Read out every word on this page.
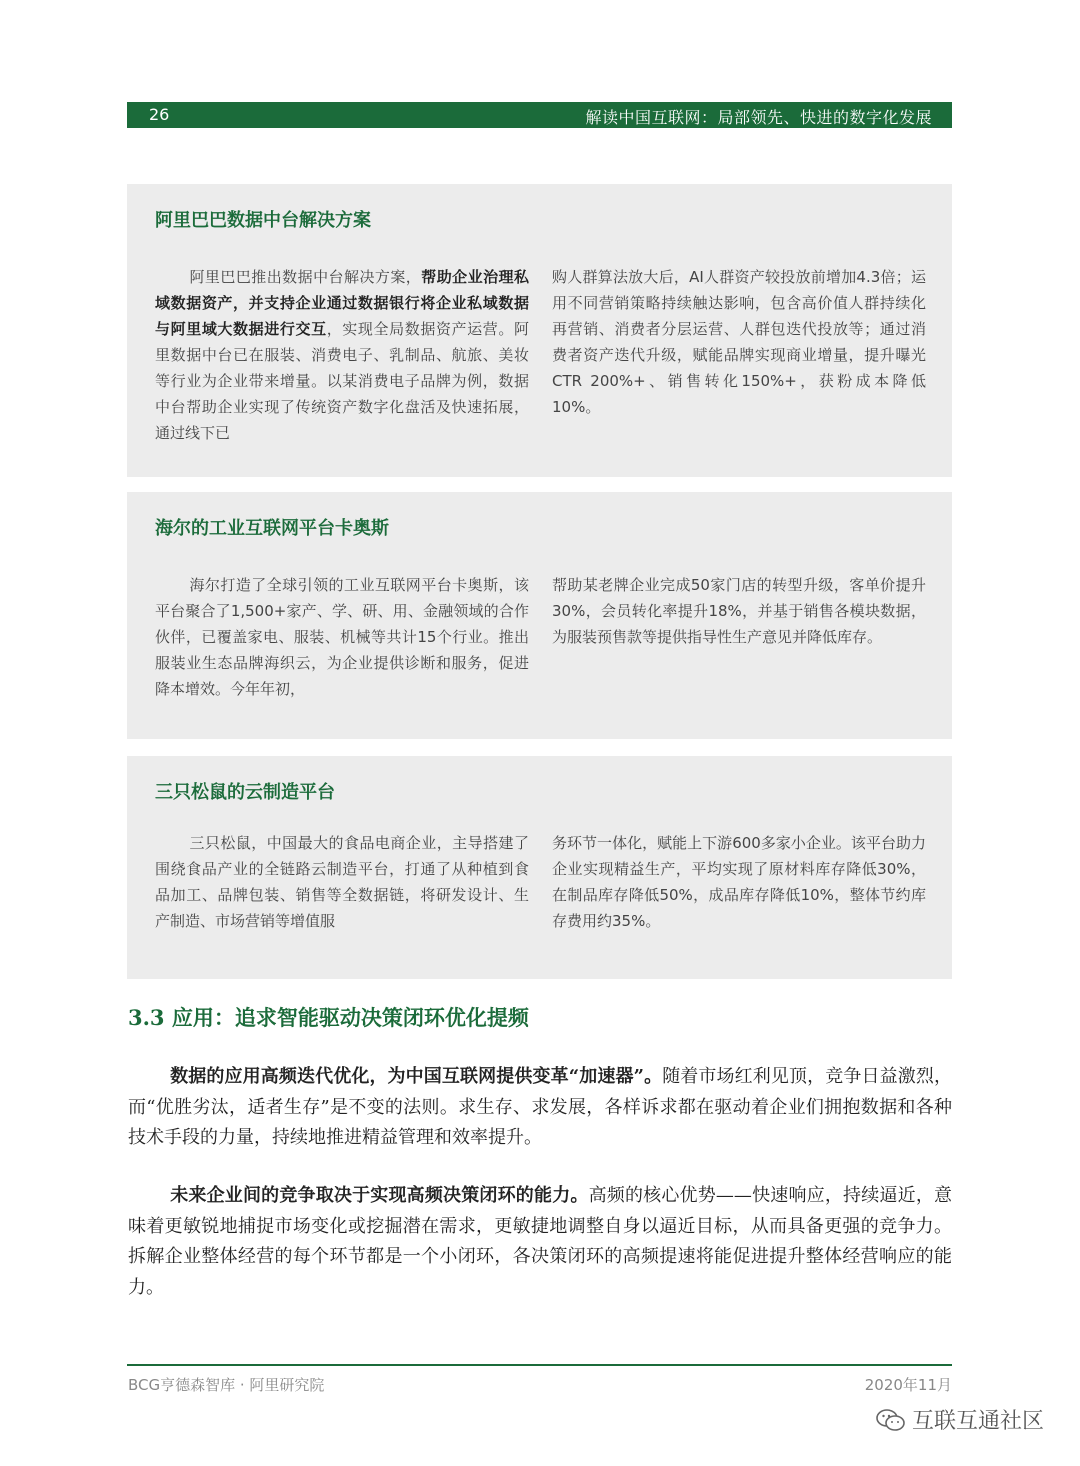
26	解读中国互联网：局部领先、快进的数字化发展
阿里巴巴数据中台解决方案
阿里巴巴推出数据中台解决方案，帮助企业治理私域数据资产，并支持企业通过数据银行将企业私域数据与阿里域大数据进行交互，实现全局数据资产运营。阿里数据中台已在服装、消费电子、乳制品、航旅、美妆等行业为企业带来增量。以某消费电子品牌为例，数据中台帮助企业实现了传统资产数字化盘活及快速拓展，通过线下已
购人群算法放大后，AI人群资产较投放前增加4.3倍；运用不同营销策略持续触达影响，包含高价值人群持续化再营销、消费者分层运营、人群包迭代投放等；通过消费者资产迭代升级，赋能品牌实现商业增量，提升曝光CTR 200%+、销售转化150%+，获粉成本降低10%。
海尔的工业互联网平台卡奥斯
海尔打造了全球引领的工业互联网平台卡奥斯，该平台聚合了1,500+家产、学、研、用、金融领域的合作伙伴，已覆盖家电、服装、机械等共计15个行业。推出服装业生态品牌海织云，为企业提供诊断和服务，促进降本增效。今年年初，
帮助某老牌企业完成50家门店的转型升级，客单价提升30%，会员转化率提升18%，并基于销售各模块数据，为服装预售款等提供指导性生产意见并降低库存。
三只松鼠的云制造平台
三只松鼠，中国最大的食品电商企业，主导搭建了围绕食品产业的全链路云制造平台，打通了从种植到食品加工、品牌包装、销售等全数据链，将研发设计、生产制造、市场营销等增值服
务环节一体化，赋能上下游600多家小企业。该平台助力企业实现精益生产，平均实现了原材料库存降低30%，在制品库存降低50%，成品库存降低10%，整体节约库存费用约35%。
3.3 应用：追求智能驱动决策闭环优化提频
数据的应用高频迭代优化，为中国互联网提供变革“加速器”。随着市场红利见顶，竞争日益激烈，而“优胜劣汰，适者生存”是不变的法则。求生存、求发展，各样诉求都在驱动着企业们拥抱数据和各种技术手段的力量，持续地推进精益管理和效率提升。
未来企业间的竞争取决于实现高频决策闭环的能力。高频的核心优势——快速响应，持续逼近，意味着更敏锐地捕捉市场变化或挖掘潜在需求，更敏捷地调整自身以逼近目标，从而具备更强的竞争力。拆解企业整体经营的每个环节都是一个小闭环，各决策闭环的高频提速将能促进提升整体经营响应的能力。
BCG亨德森智库 · 阿里研究院	2020年11月
互联互通社区
